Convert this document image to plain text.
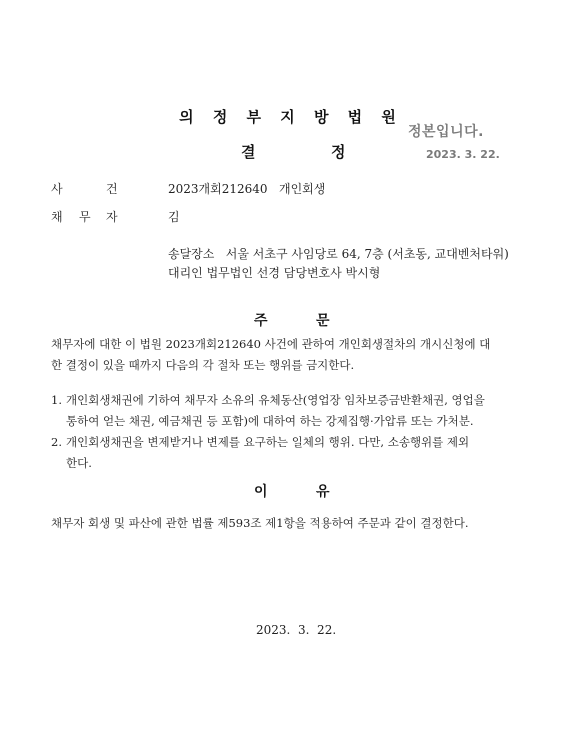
의 정 부 지 방 법 원
정본입니다.
2023. 3. 22.
결	정
사	건	2023개회212640   개인회생
채 무 자	김
송달장소   서울 서초구 사임당로 64, 7층 (서초동, 교대벤처타워)
대리인 법무법인 선경 담당변호사 박시형
주	문
채무자에 대한 이 법원 2023개회212640 사건에 관하여 개인회생절차의 개시신청에 대
한 결정이 있을 때까지 다음의 각 절차 또는 행위를 금지한다.
1. 개인회생채권에 기하여 채무자 소유의 유체동산(영업장 임차보증금반환채권, 영업을
통하여 얻는 채권, 예금채권 등 포함)에 대하여 하는 강제집행·가압류 또는 가처분.
2. 개인회생채권을 변제받거나 변제를 요구하는 일체의 행위. 다만, 소송행위를 제외
한다.
이	유
채무자 회생 및 파산에 관한 법률 제593조 제1항을 적용하여 주문과 같이 결정한다.
2023.  3.  22.
